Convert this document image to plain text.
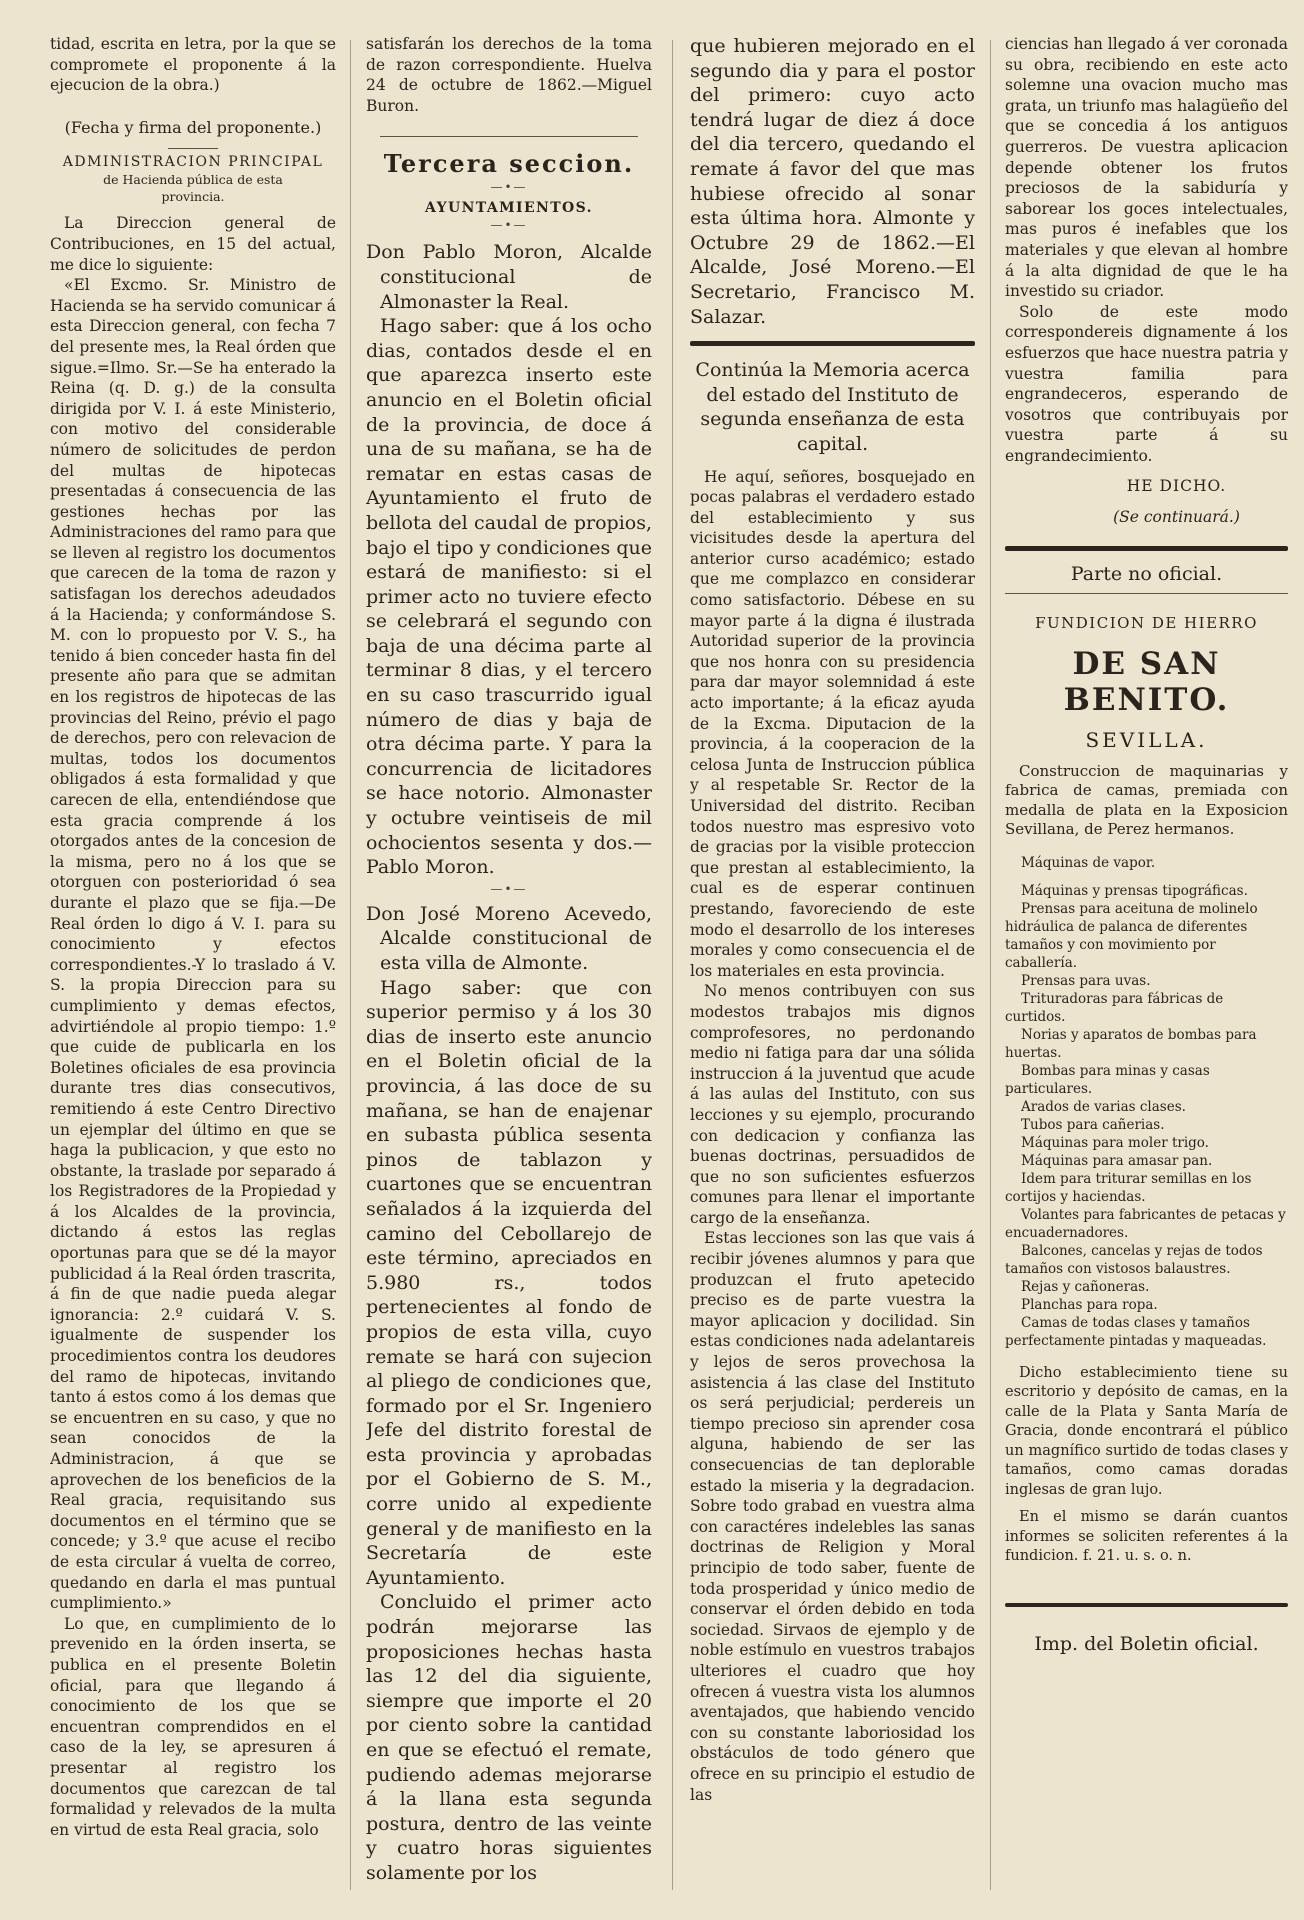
tidad, escrita en letra, por la que se compromete el proponente á la ejecucion de la obra.)

(Fecha y firma del proponente.)

ADMINISTRACION PRINCIPAL

de Hacienda pública de esta provincia.

La Direccion general de Contribuciones, en 15 del actual, me dice lo siguiente:

«El Excmo. Sr. Ministro de Hacienda se ha servido comunicar á esta Direccion general, con fecha 7 del presente mes, la Real órden que sigue.=Ilmo. Sr.—Se ha enterado la Reina (q. D. g.) de la consulta dirigida por V. I. á este Ministerio, con motivo del considerable número de solicitudes de perdon del multas de hipotecas presentadas á consecuencia de las gestiones hechas por las Administraciones del ramo para que se lleven al registro los documentos que carecen de la toma de razon y satisfagan los derechos adeudados á la Hacienda; y conformándose S. M. con lo propuesto por V. S., ha tenido á bien conceder hasta fin del presente año para que se admitan en los registros de hipotecas de las provincias del Reino, prévio el pago de derechos, pero con relevacion de multas, todos los documentos obligados á esta formalidad y que carecen de ella, entendiéndose que esta gracia comprende á los otorgados antes de la concesion de la misma, pero no á los que se otorguen con posterioridad ó sea durante el plazo que se fija.—De Real órden lo digo á V. I. para su conocimiento y efectos correspondientes.-Y lo traslado á V. S. la propia Direccion para su cumplimiento y demas efectos, advirtiéndole al propio tiempo: 1.º que cuide de publicarla en los Boletines oficiales de esa provincia durante tres dias consecutivos, remitiendo á este Centro Directivo un ejemplar del último en que se haga la publicacion, y que esto no obstante, la traslade por separado á los Registradores de la Propiedad y á los Alcaldes de la provincia, dictando á estos las reglas oportunas para que se dé la mayor publicidad á la Real órden trascrita, á fin de que nadie pueda alegar ignorancia: 2.º cuidará V. S. igualmente de suspender los procedimientos contra los deudores del ramo de hipotecas, invitando tanto á estos como á los demas que se encuentren en su caso, y que no sean conocidos de la Administracion, á que se aprovechen de los beneficios de la Real gracia, requisitando sus documentos en el término que se concede; y 3.º que acuse el recibo de esta circular á vuelta de correo, quedando en darla el mas puntual cumplimiento.»

Lo que, en cumplimiento de lo prevenido en la órden inserta, se publica en el presente Boletin oficial, para que llegando á conocimiento de los que se encuentran comprendidos en el caso de la ley, se apresuren á presentar al registro los documentos que carezcan de tal formalidad y relevados de la multa en virtud de esta Real gracia, solo

satisfarán los derechos de la toma de razon correspondiente. Huelva 24 de octubre de 1862.—Miguel Buron.

Tercera seccion.

—•—

AYUNTAMIENTOS.

—•—

Don Pablo Moron, Alcalde constitucional de Almonaster la Real.

Hago saber: que á los ocho dias, contados desde el en que aparezca inserto este anuncio en el Boletin oficial de la provincia, de doce á una de su mañana, se ha de rematar en estas casas de Ayuntamiento el fruto de bellota del caudal de propios, bajo el tipo y condiciones que estará de manifiesto: si el primer acto no tuviere efecto se celebrará el segundo con baja de una décima parte al terminar 8 dias, y el tercero en su caso trascurrido igual número de dias y baja de otra décima parte. Y para la concurrencia de licitadores se hace notorio. Almonaster y octubre veintiseis de mil ochocientos sesenta y dos.—Pablo Moron.

—•—

Don José Moreno Acevedo, Alcalde constitucional de esta villa de Almonte.

Hago saber: que con superior permiso y á los 30 dias de inserto este anuncio en el Boletin oficial de la provincia, á las doce de su mañana, se han de enajenar en subasta pública sesenta pinos de tablazon y cuartones que se encuentran señalados á la izquierda del camino del Cebollarejo de este término, apreciados en 5.980 rs., todos pertenecientes al fondo de propios de esta villa, cuyo remate se hará con sujecion al pliego de condiciones que, formado por el Sr. Ingeniero Jefe del distrito forestal de esta provincia y aprobadas por el Gobierno de S. M., corre unido al expediente general y de manifiesto en la Secretaría de este Ayuntamiento.

Concluido el primer acto podrán mejorarse las proposiciones hechas hasta las 12 del dia siguiente, siempre que importe el 20 por ciento sobre la cantidad en que se efectuó el remate, pudiendo ademas mejorarse á la llana esta segunda postura, dentro de las veinte y cuatro horas siguientes solamente por los

que hubieren mejorado en el segundo dia y para el postor del primero: cuyo acto tendrá lugar de diez á doce del dia tercero, quedando el remate á favor del que mas hubiese ofrecido al sonar esta última hora. Almonte y Octubre 29 de 1862.—El Alcalde, José Moreno.—El Secretario, Francisco M. Salazar.

Continúa la Memoria acerca del estado del Instituto de segunda enseñanza de esta capital.

He aquí, señores, bosquejado en pocas palabras el verdadero estado del establecimiento y sus vicisitudes desde la apertura del anterior curso académico; estado que me complazco en considerar como satisfactorio. Débese en su mayor parte á la digna é ilustrada Autoridad superior de la provincia que nos honra con su presidencia para dar mayor solemnidad á este acto importante; á la eficaz ayuda de la Excma. Diputacion de la provincia, á la cooperacion de la celosa Junta de Instruccion pública y al respetable Sr. Rector de la Universidad del distrito. Reciban todos nuestro mas espresivo voto de gracias por la visible proteccion que prestan al establecimiento, la cual es de esperar continuen prestando, favoreciendo de este modo el desarrollo de los intereses morales y como consecuencia el de los materiales en esta provincia.

No menos contribuyen con sus modestos trabajos mis dignos comprofesores, no perdonando medio ni fatiga para dar una sólida instruccion á la juventud que acude á las aulas del Instituto, con sus lecciones y su ejemplo, procurando con dedicacion y confianza las buenas doctrinas, persuadidos de que no son suficientes esfuerzos comunes para llenar el importante cargo de la enseñanza.

Estas lecciones son las que vais á recibir jóvenes alumnos y para que produzcan el fruto apetecido preciso es de parte vuestra la mayor aplicacion y docilidad. Sin estas condiciones nada adelantareis y lejos de seros provechosa la asistencia á las clase del Instituto os será perjudicial; perdereis un tiempo precioso sin aprender cosa alguna, habiendo de ser las consecuencias de tan deplorable estado la miseria y la degradacion. Sobre todo grabad en vuestra alma con caractéres indelebles las sanas doctrinas de Religion y Moral principio de todo saber, fuente de toda prosperidad y único medio de conservar el órden debido en toda sociedad. Sirvaos de ejemplo y de noble estímulo en vuestros trabajos ulteriores el cuadro que hoy ofrecen á vuestra vista los alumnos aventajados, que habiendo vencido con su constante laboriosidad los obstáculos de todo género que ofrece en su principio el estudio de las

ciencias han llegado á ver coronada su obra, recibiendo en este acto solemne una ovacion mucho mas grata, un triunfo mas halagüeño del que se concedia á los antiguos guerreros. De vuestra aplicacion depende obtener los frutos preciosos de la sabiduría y saborear los goces intelectuales, mas puros é inefables que los materiales y que elevan al hombre á la alta dignidad de que le ha investido su criador.

Solo de este modo correspondereis dignamente á los esfuerzos que hace nuestra patria y vuestra familia para engrandeceros, esperando de vosotros que contribuyais por vuestra parte á su engrandecimiento.

HE DICHO.

(Se continuará.)

Parte no oficial.

FUNDICION DE HIERRO

DE SAN BENITO.

SEVILLA.

Construccion de maquinarias y fabrica de camas, premiada con medalla de plata en la Exposicion Sevillana, de Perez hermanos.

Máquinas de vapor.

Máquinas y prensas tipográficas.

Prensas para aceituna de molinelo hidráulica de palanca de diferentes tamaños y con movimiento por caballería.

Prensas para uvas.

Trituradoras para fábricas de curtidos.

Norias y aparatos de bombas para huertas.

Bombas para minas y casas particulares.

Arados de varias clases.

Tubos para cañerias.

Máquinas para moler trigo.

Máquinas para amasar pan.

Idem para triturar semillas en los cortijos y haciendas.

Volantes para fabricantes de petacas y encuadernadores.

Balcones, cancelas y rejas de todos tamaños con vistosos balaustres.

Rejas y cañoneras.

Planchas para ropa.

Camas de todas clases y tamaños perfectamente pintadas y maqueadas.

Dicho establecimiento tiene su escritorio y depósito de camas, en la calle de la Plata y Santa María de Gracia, donde encontrará el público un magnífico surtido de todas clases y tamaños, como camas doradas inglesas de gran lujo.

En el mismo se darán cuantos informes se soliciten referentes á la fundicion. f. 21. u. s. o. n.

Imp. del Boletin oficial.
